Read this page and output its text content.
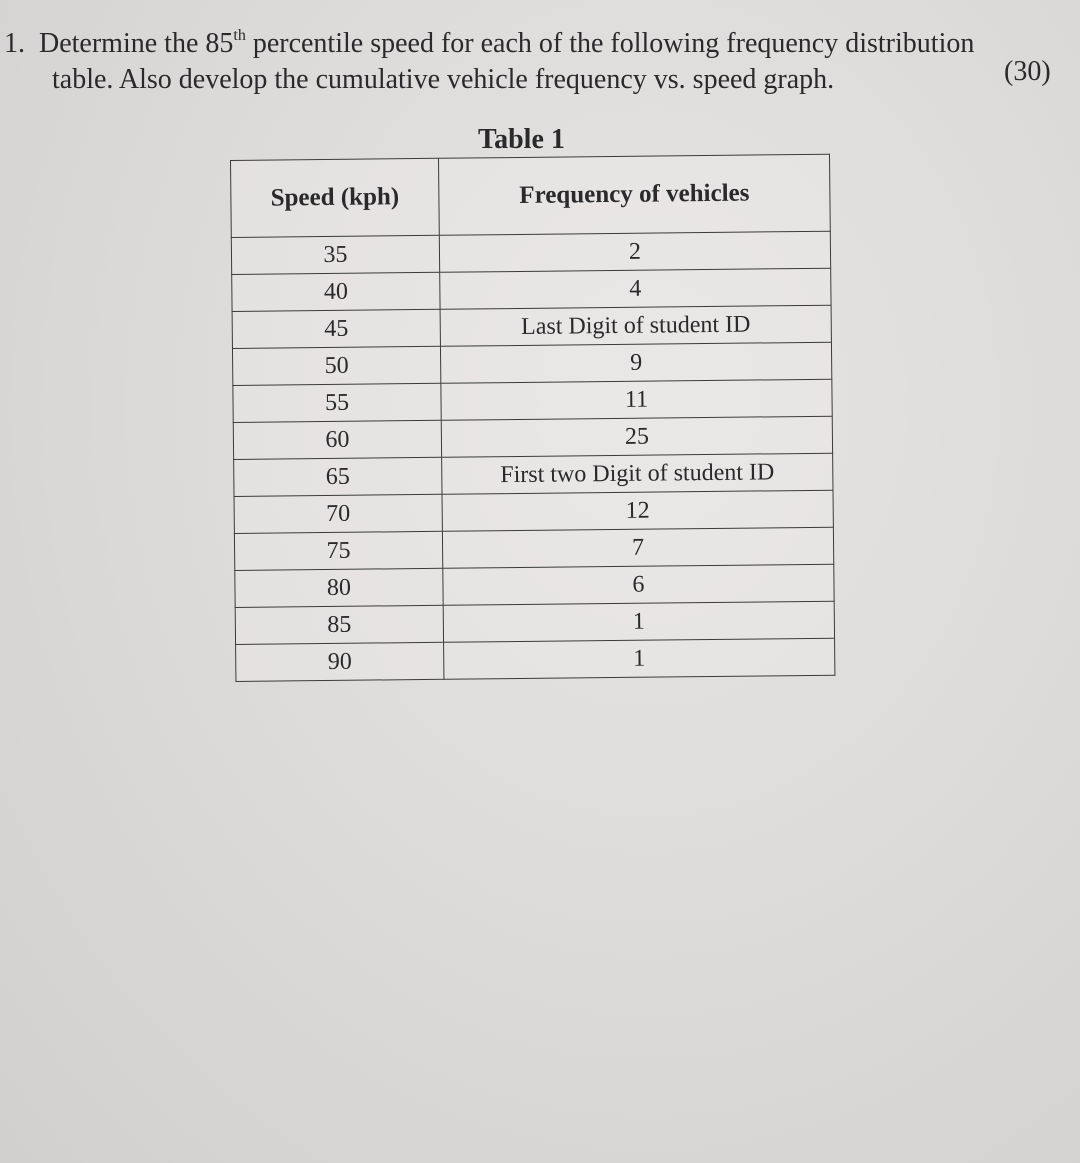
1. Determine the 85th percentile speed for each of the following frequency distribution
table. Also develop the cumulative vehicle frequency vs. speed graph.	(30)
Table 1
Speed (kph)	Frequency of vehicles
35	2
40	4
45	Last Digit of student ID
50	9
55	11
60	25
65	First two Digit of student ID
70	12
75	7
80	6
85	1
90	1
